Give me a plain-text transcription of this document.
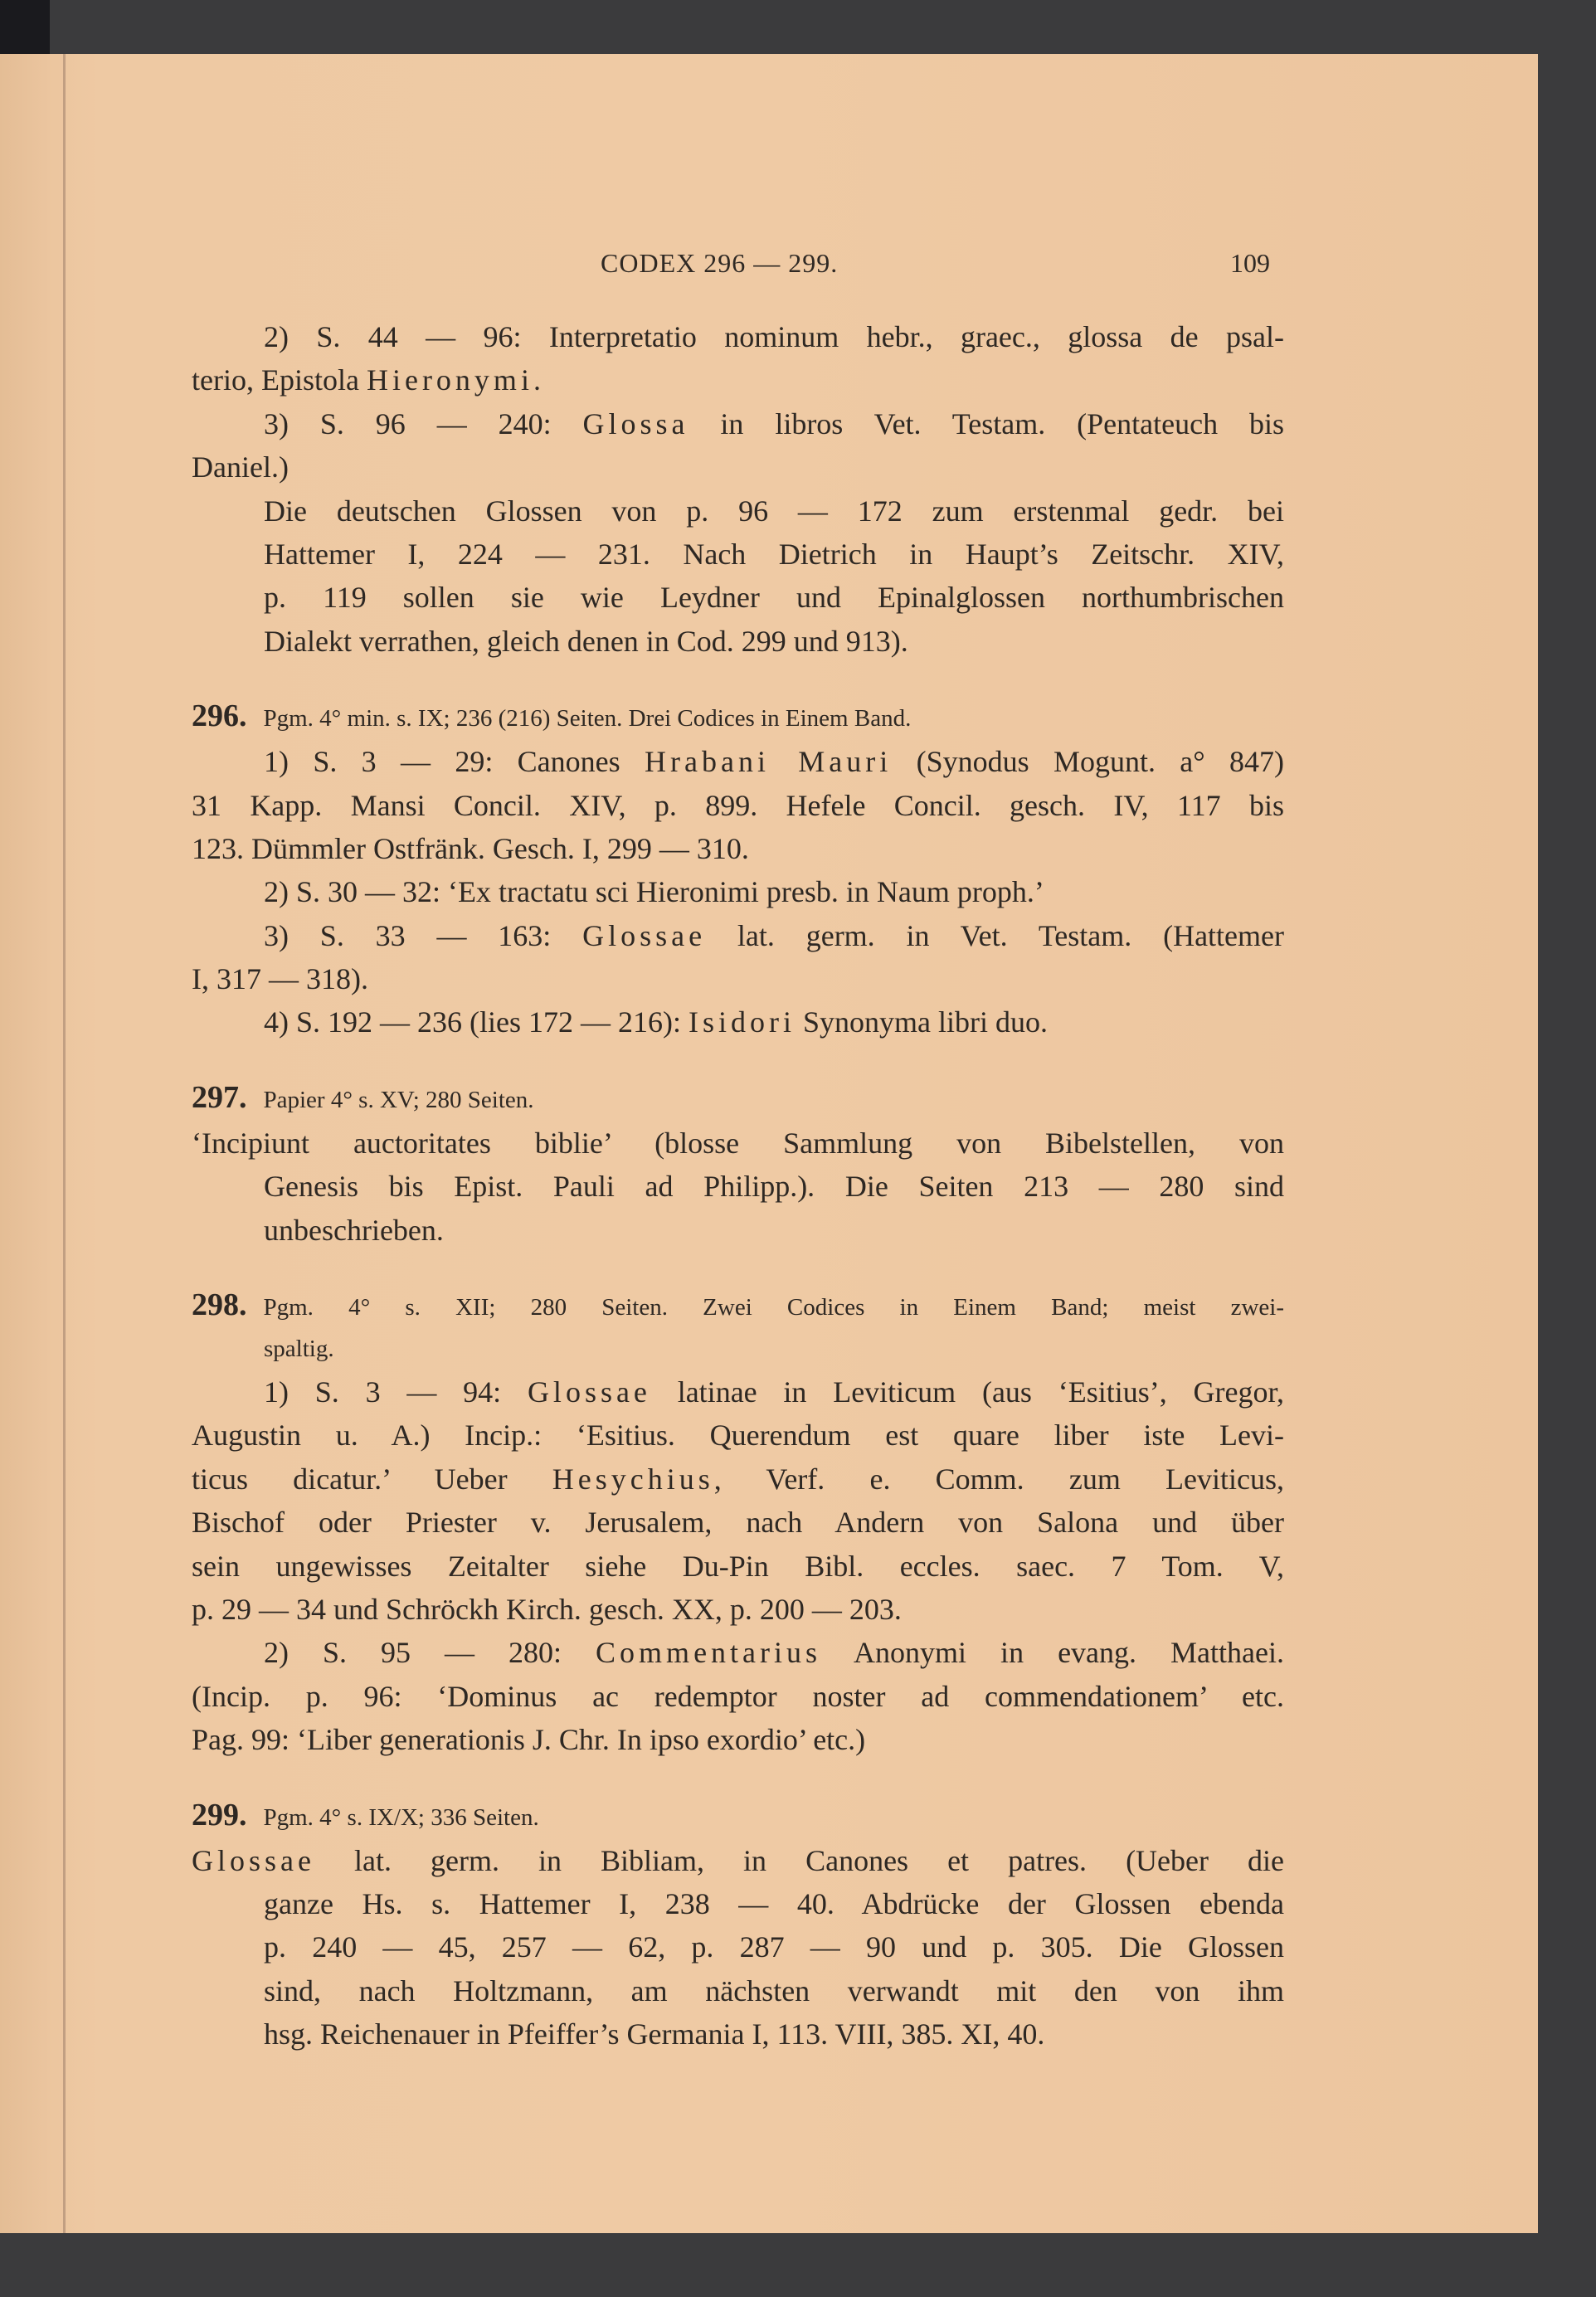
CODEX 296 — 299.	109
2) S. 44 — 96: Interpretatio nominum hebr., graec., glossa de psal-
terio, Epistola Hieronymi.
3) S. 96 — 240: Glossa in libros Vet. Testam. (Pentateuch bis
Daniel.)
Die deutschen Glossen von p. 96 — 172 zum erstenmal gedr. bei
Hattemer I, 224 — 231. Nach Dietrich in Haupt’s Zeitschr. XIV,
p. 119 sollen sie wie Leydner und Epinalglossen northumbrischen
Dialekt verrathen, gleich denen in Cod. 299 und 913).
296. Pgm. 4° min. s. IX; 236 (216) Seiten. Drei Codices in Einem Band.
1) S. 3 — 29: Canones Hrabani Mauri (Synodus Mogunt. a° 847)
31 Kapp. Mansi Concil. XIV, p. 899. Hefele Concil. gesch. IV, 117 bis
123. Dümmler Ostfränk. Gesch. I, 299 — 310.
2) S. 30 — 32: ‘Ex tractatu sci Hieronimi presb. in Naum proph.’
3) S. 33 — 163: Glossae lat. germ. in Vet. Testam. (Hattemer
I, 317 — 318).
4) S. 192 — 236 (lies 172 — 216): Isidori Synonyma libri duo.
297. Papier 4° s. XV; 280 Seiten.
‘Incipiunt auctoritates biblie’ (blosse Sammlung von Bibelstellen, von
Genesis bis Epist. Pauli ad Philipp.). Die Seiten 213 — 280 sind
unbeschrieben.
298. Pgm. 4° s. XII; 280 Seiten. Zwei Codices in Einem Band; meist zwei-
spaltig.
1) S. 3 — 94: Glossae latinae in Leviticum (aus ‘Esitius’, Gregor,
Augustin u. A.) Incip.: ‘Esitius. Querendum est quare liber iste Levi-
ticus dicatur.’ Ueber Hesychius, Verf. e. Comm. zum Leviticus,
Bischof oder Priester v. Jerusalem, nach Andern von Salona und über
sein ungewisses Zeitalter siehe Du-Pin Bibl. eccles. saec. 7 Tom. V,
p. 29 — 34 und Schröckh Kirch. gesch. XX, p. 200 — 203.
2) S. 95 — 280: Commentarius Anonymi in evang. Matthaei.
(Incip. p. 96: ‘Dominus ac redemptor noster ad commendationem’ etc.
Pag. 99: ‘Liber generationis J. Chr. In ipso exordio’ etc.)
299. Pgm. 4° s. IX/X; 336 Seiten.
Glossae lat. germ. in Bibliam, in Canones et patres. (Ueber die
ganze Hs. s. Hattemer I, 238 — 40. Abdrücke der Glossen ebenda
p. 240 — 45, 257 — 62, p. 287 — 90 und p. 305. Die Glossen
sind, nach Holtzmann, am nächsten verwandt mit den von ihm
hsg. Reichenauer in Pfeiffer’s Germania I, 113. VIII, 385. XI, 40.
